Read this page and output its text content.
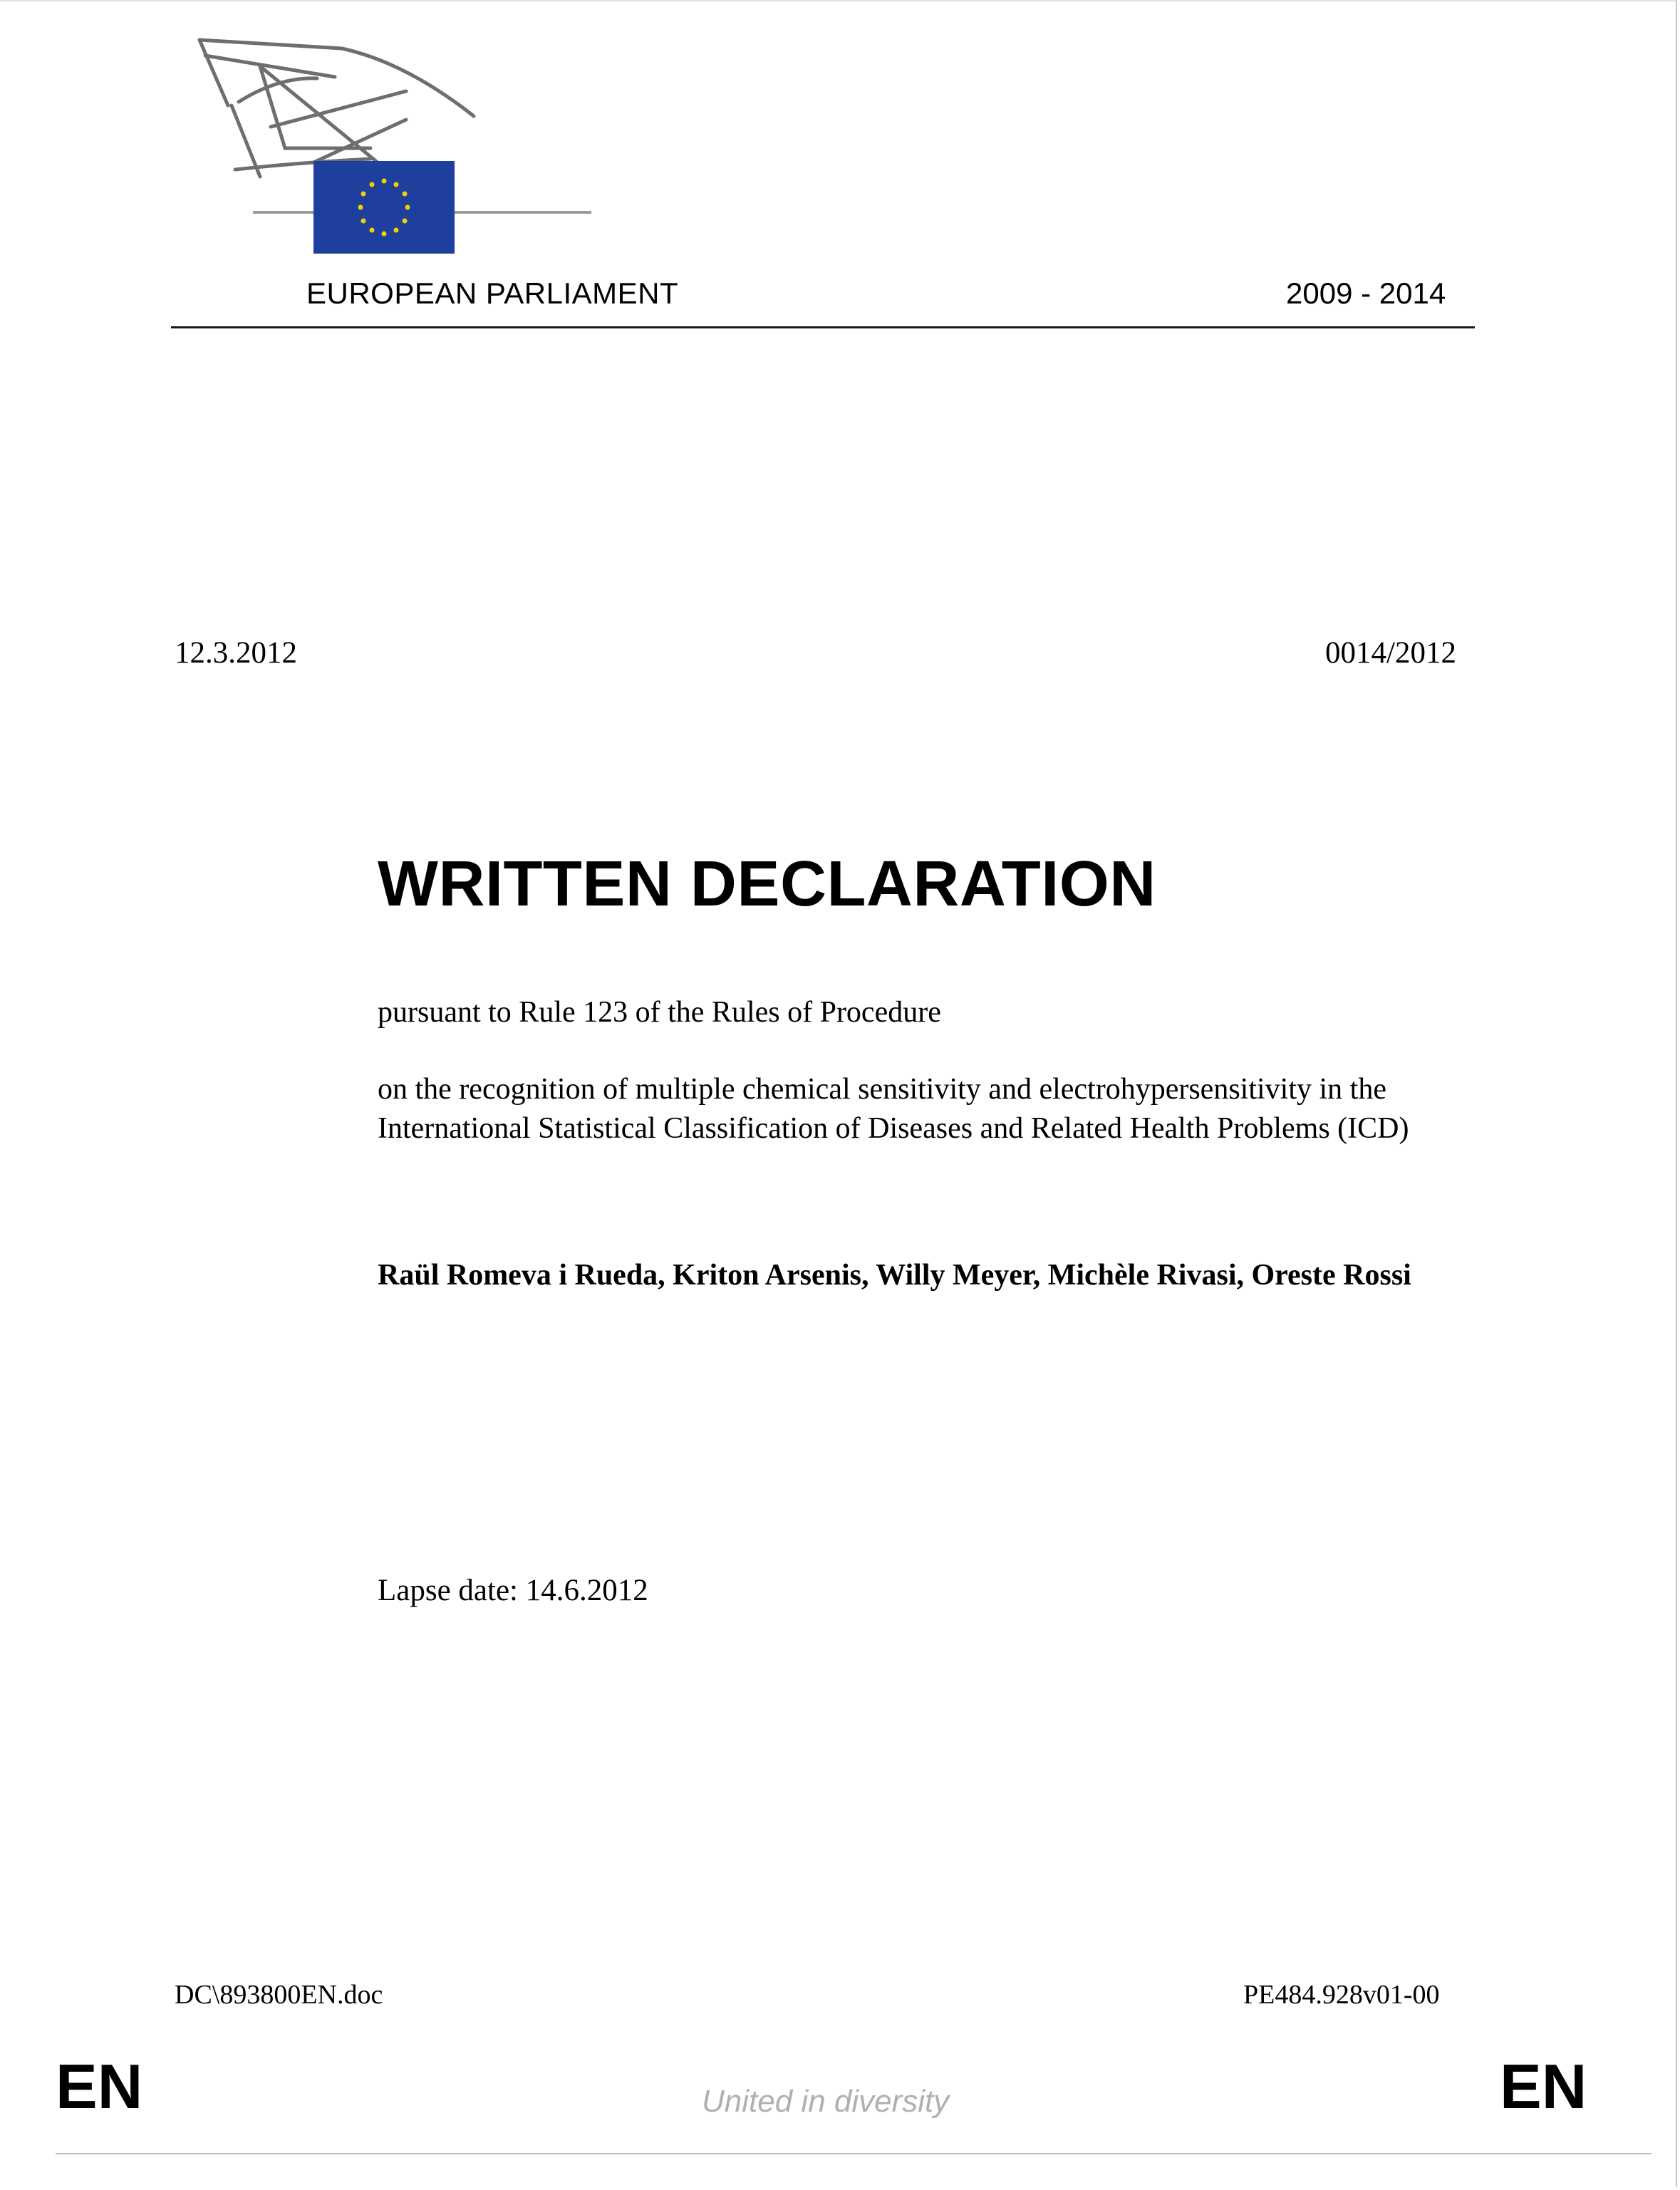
EUROPEAN PARLIAMENT	2009 - 2014
12.3.2012	0014/2012
WRITTEN DECLARATION
pursuant to Rule 123 of the Rules of Procedure
on the recognition of multiple chemical sensitivity and electrohypersensitivity in the International Statistical Classification of Diseases and Related Health Problems (ICD)
Raül Romeva i Rueda, Kriton Arsenis, Willy Meyer, Michèle Rivasi, Oreste Rossi
Lapse date: 14.6.2012
DC\893800EN.doc	PE484.928v01-00
EN	United in diversity	EN
